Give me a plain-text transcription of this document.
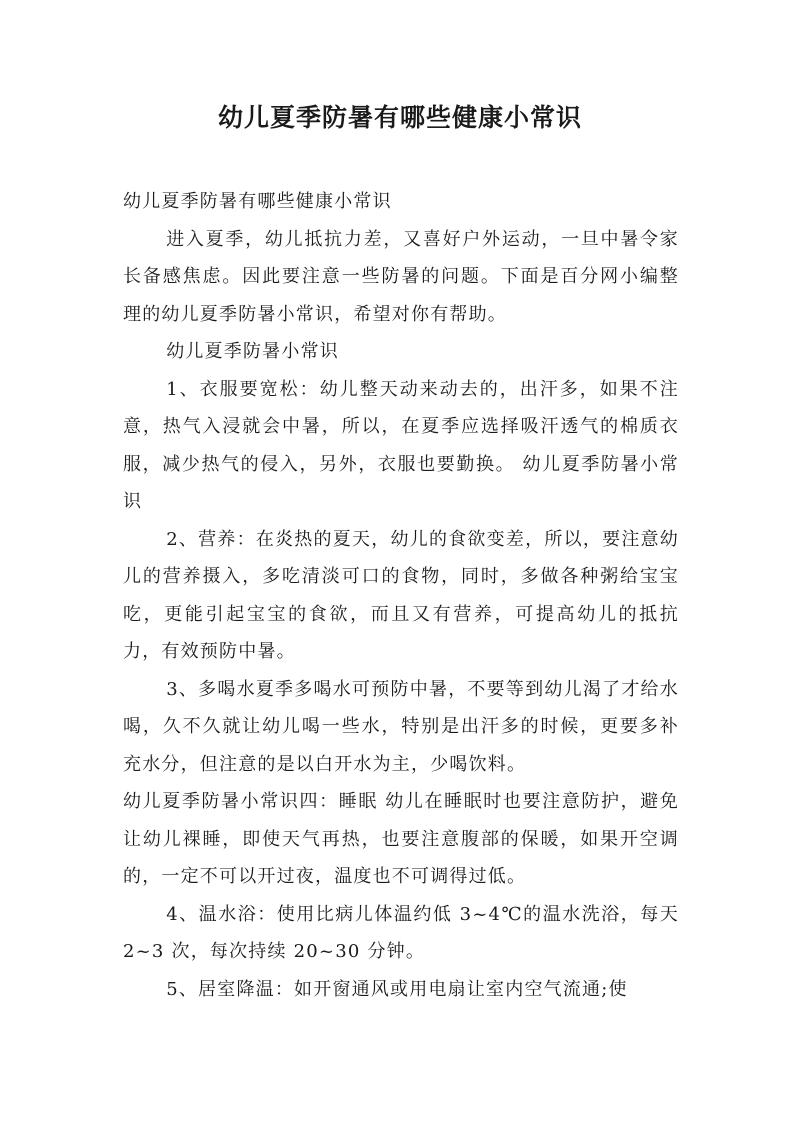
幼儿夏季防暑有哪些健康小常识

幼儿夏季防暑有哪些健康小常识

进入夏季，幼儿抵抗力差，又喜好户外运动，一旦中暑令家长备感焦虑。因此要注意一些防暑的问题。下面是百分网小编整理的幼儿夏季防暑小常识，希望对你有帮助。

幼儿夏季防暑小常识

1、衣服要宽松：幼儿整天动来动去的，出汗多，如果不注意，热气入浸就会中暑，所以，在夏季应选择吸汗透气的棉质衣服，减少热气的侵入，另外，衣服也要勤换。 幼儿夏季防暑小常识

2、营养：在炎热的夏天，幼儿的食欲变差，所以，要注意幼儿的营养摄入，多吃清淡可口的食物，同时，多做各种粥给宝宝吃，更能引起宝宝的食欲，而且又有营养，可提高幼儿的抵抗力，有效预防中暑。

3、多喝水夏季多喝水可预防中暑，不要等到幼儿渴了才给水喝，久不久就让幼儿喝一些水，特别是出汗多的时候，更要多补充水分，但注意的是以白开水为主，少喝饮料。

幼儿夏季防暑小常识四：睡眠 幼儿在睡眠时也要注意防护，避免让幼儿裸睡，即使天气再热，也要注意腹部的保暖，如果开空调的，一定不可以开过夜，温度也不可调得过低。

4、温水浴：使用比病儿体温约低 3~4℃的温水洗浴，每天 2~3 次，每次持续 20~30 分钟。

5、居室降温：如开窗通风或用电扇让室内空气流通;使
